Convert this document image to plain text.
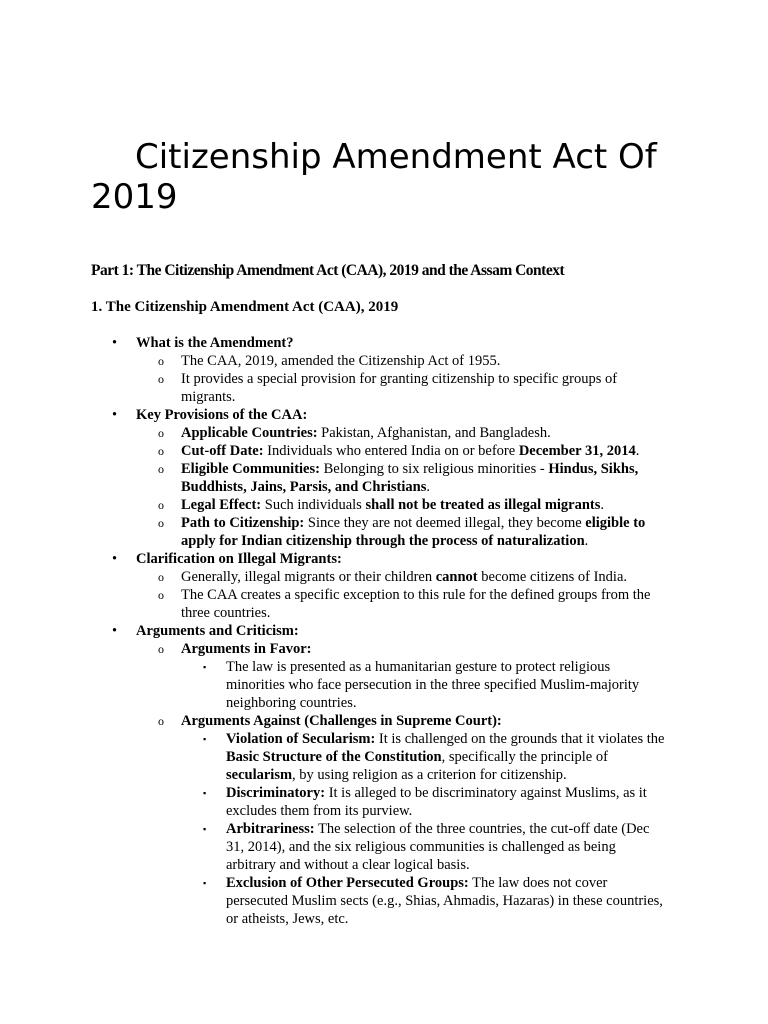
Citizenship Amendment Act Of
2019

Part 1: The Citizenship Amendment Act (CAA), 2019 and the Assam Context

1. The Citizenship Amendment Act (CAA), 2019

• What is the Amendment?
o The CAA, 2019, amended the Citizenship Act of 1955.
o It provides a special provision for granting citizenship to specific groups of migrants.
• Key Provisions of the CAA:
o Applicable Countries: Pakistan, Afghanistan, and Bangladesh.
o Cut-off Date: Individuals who entered India on or before December 31, 2014.
o Eligible Communities: Belonging to six religious minorities - Hindus, Sikhs, Buddhists, Jains, Parsis, and Christians.
o Legal Effect: Such individuals shall not be treated as illegal migrants.
o Path to Citizenship: Since they are not deemed illegal, they become eligible to apply for Indian citizenship through the process of naturalization.
• Clarification on Illegal Migrants:
o Generally, illegal migrants or their children cannot become citizens of India.
o The CAA creates a specific exception to this rule for the defined groups from the three countries.
• Arguments and Criticism:
o Arguments in Favor:
▪ The law is presented as a humanitarian gesture to protect religious minorities who face persecution in the three specified Muslim-majority neighboring countries.
o Arguments Against (Challenges in Supreme Court):
▪ Violation of Secularism: It is challenged on the grounds that it violates the Basic Structure of the Constitution, specifically the principle of secularism, by using religion as a criterion for citizenship.
▪ Discriminatory: It is alleged to be discriminatory against Muslims, as it excludes them from its purview.
▪ Arbitrariness: The selection of the three countries, the cut-off date (Dec 31, 2014), and the six religious communities is challenged as being arbitrary and without a clear logical basis.
▪ Exclusion of Other Persecuted Groups: The law does not cover persecuted Muslim sects (e.g., Shias, Ahmadis, Hazaras) in these countries, or atheists, Jews, etc.
